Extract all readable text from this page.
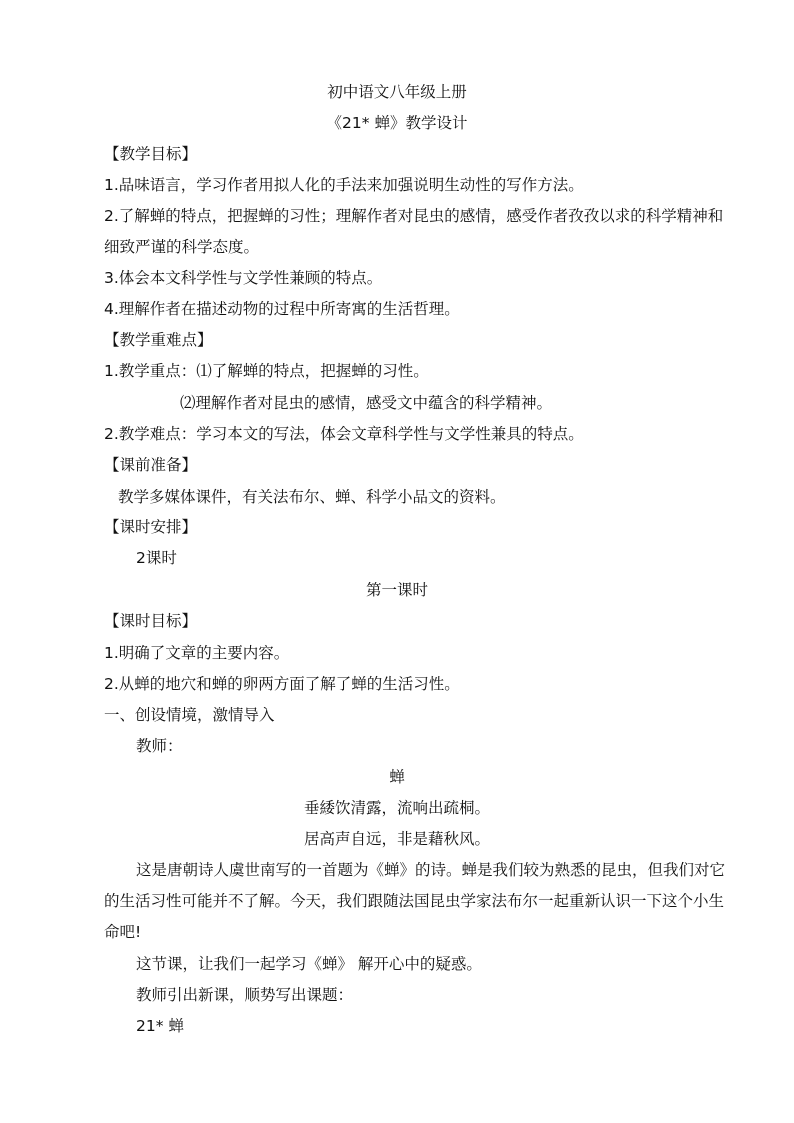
初中语文八年级上册
《21* 蝉》教学设计
【教学目标】
1.品味语言，学习作者用拟人化的手法来加强说明生动性的写作方法。
2.了解蝉的特点，把握蝉的习性；理解作者对昆虫的感情，感受作者孜孜以求的科学精神和
细致严谨的科学态度。
3.体会本文科学性与文学性兼顾的特点。
4.理解作者在描述动物的过程中所寄寓的生活哲理。
【教学重难点】
1.教学重点：⑴了解蝉的特点，把握蝉的习性。
⑵理解作者对昆虫的感情，感受文中蕴含的科学精神。
2.教学难点：学习本文的写法，体会文章科学性与文学性兼具的特点。
【课前准备】
教学多媒体课件，有关法布尔、蝉、科学小品文的资料。
【课时安排】
2课时
第一课时
【课时目标】
1.明确了文章的主要内容。
2.从蝉的地穴和蝉的卵两方面了解了蝉的生活习性。
一、创设情境，激情导入
教师：
蝉
垂緌饮清露，流响出疏桐。
居高声自远，非是藉秋风。
这是唐朝诗人虞世南写的一首题为《蝉》的诗。蝉是我们较为熟悉的昆虫，但我们对它
的生活习性可能并不了解。今天，我们跟随法国昆虫学家法布尔一起重新认识一下这个小生
命吧!
这节课，让我们一起学习《蝉》 解开心中的疑惑。
教师引出新课，顺势写出课题：
21* 蝉
